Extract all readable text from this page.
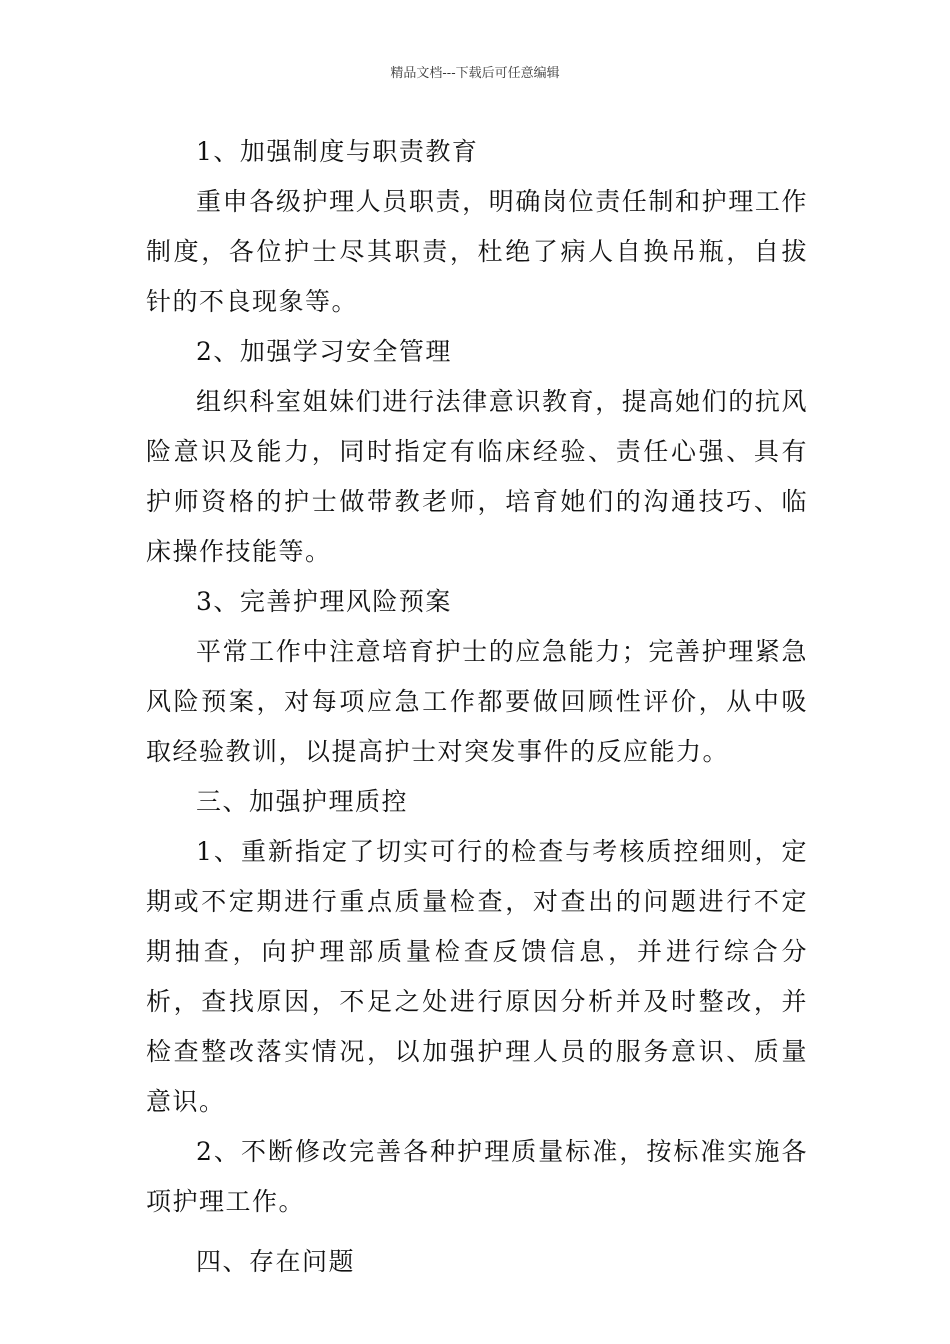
精品文档---下载后可任意编辑

1、加强制度与职责教育

重申各级护理人员职责，明确岗位责任制和护理工作制度，各位护士尽其职责，杜绝了病人自换吊瓶，自拔针的不良现象等。

2、加强学习安全管理

组织科室姐妹们进行法律意识教育，提高她们的抗风险意识及能力，同时指定有临床经验、责任心强、具有护师资格的护士做带教老师，培育她们的沟通技巧、临床操作技能等。

3、完善护理风险预案

平常工作中注意培育护士的应急能力；完善护理紧急风险预案，对每项应急工作都要做回顾性评价，从中吸取经验教训，以提高护士对突发事件的反应能力。

三、加强护理质控

1、重新指定了切实可行的检查与考核质控细则，定期或不定期进行重点质量检查，对查出的问题进行不定期抽查，向护理部质量检查反馈信息，并进行综合分析，查找原因，不足之处进行原因分析并及时整改，并检查整改落实情况，以加强护理人员的服务意识、质量意识。

2、不断修改完善各种护理质量标准，按标准实施各项护理工作。

四、存在问题
